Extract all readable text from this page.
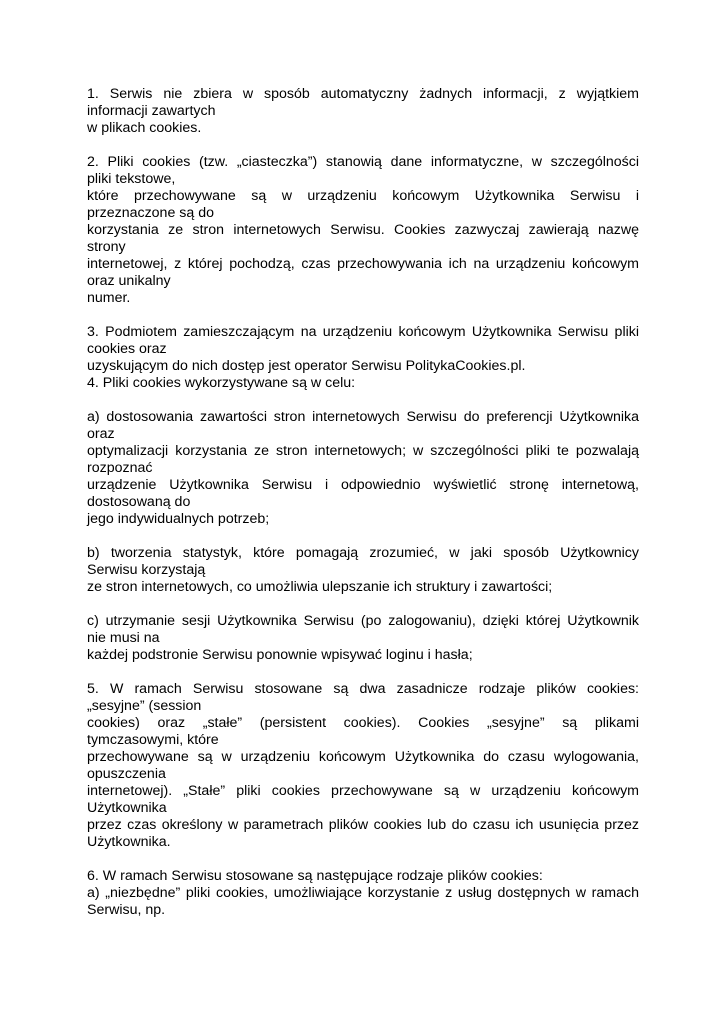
1. Serwis nie zbiera w sposób automatyczny żadnych informacji, z wyjątkiem
informacji zawartych
w plikach cookies.
2. Pliki cookies (tzw. „ciasteczka”) stanowią dane informatyczne, w szczególności
pliki tekstowe,
które przechowywane są w urządzeniu końcowym Użytkownika Serwisu i
przeznaczone są do
korzystania ze stron internetowych Serwisu. Cookies zazwyczaj zawierają nazwę
strony
internetowej, z której pochodzą, czas przechowywania ich na urządzeniu końcowym
oraz unikalny
numer.
3. Podmiotem zamieszczającym na urządzeniu końcowym Użytkownika Serwisu pliki
cookies oraz
uzyskującym do nich dostęp jest operator Serwisu PolitykaCookies.pl.
4. Pliki cookies wykorzystywane są w celu:
a) dostosowania zawartości stron internetowych Serwisu do preferencji Użytkownika
oraz
optymalizacji korzystania ze stron internetowych; w szczególności pliki te pozwalają
rozpoznać
urządzenie Użytkownika Serwisu i odpowiednio wyświetlić stronę internetową,
dostosowaną do
jego indywidualnych potrzeb;
b) tworzenia statystyk, które pomagają zrozumieć, w jaki sposób Użytkownicy
Serwisu korzystają
ze stron internetowych, co umożliwia ulepszanie ich struktury i zawartości;
c) utrzymanie sesji Użytkownika Serwisu (po zalogowaniu), dzięki której Użytkownik
nie musi na
każdej podstronie Serwisu ponownie wpisywać loginu i hasła;
5. W ramach Serwisu stosowane są dwa zasadnicze rodzaje plików cookies:
„sesyjne” (session
cookies) oraz „stałe” (persistent cookies). Cookies „sesyjne” są plikami
tymczasowymi, które
przechowywane są w urządzeniu końcowym Użytkownika do czasu wylogowania,
opuszczenia
internetowej). „Stałe” pliki cookies przechowywane są w urządzeniu końcowym
Użytkownika
przez czas określony w parametrach plików cookies lub do czasu ich usunięcia przez
Użytkownika.
6. W ramach Serwisu stosowane są następujące rodzaje plików cookies:
a) „niezbędne” pliki cookies, umożliwiające korzystanie z usług dostępnych w ramach
Serwisu, np.
